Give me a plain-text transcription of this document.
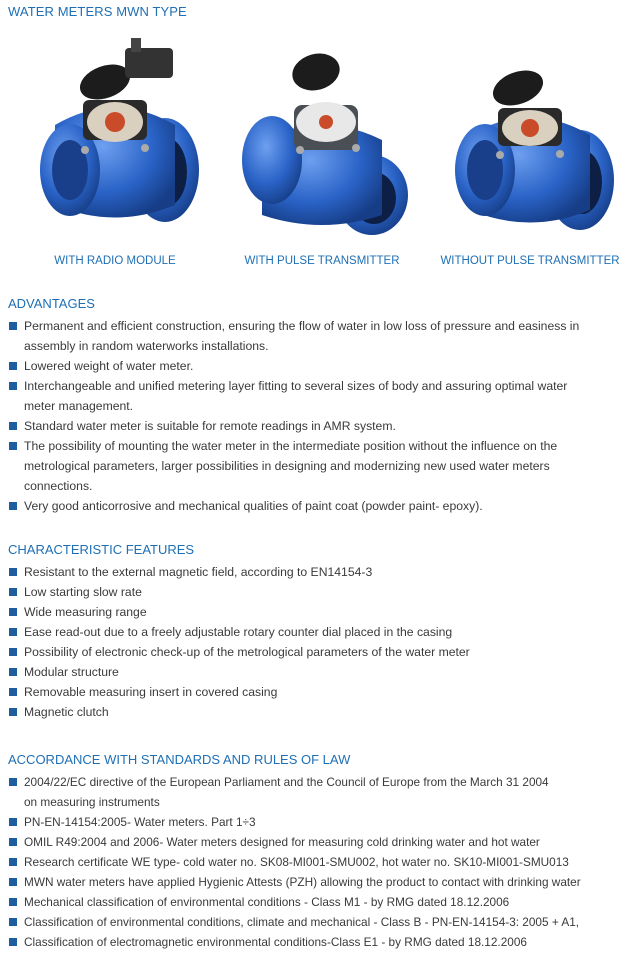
WATER METERS MWN TYPE
WITH RADIO MODULE	WITH PULSE TRANSMITTER	WITHOUT PULSE TRANSMITTER
ADVANTAGES
Permanent and efficient construction, ensuring the flow of water in low loss of pressure and easiness in
assembly in random waterworks installations.
Lowered weight of water meter.
Interchangeable and unified metering layer fitting to several sizes of body and assuring optimal water
meter management.
Standard water meter is suitable for remote readings in AMR system.
The possibility of mounting the water meter in the intermediate position without the influence on the
metrological parameters, larger possibilities in designing and modernizing new used water meters
connections.
Very good anticorrosive and mechanical qualities of paint coat (powder paint- epoxy).
CHARACTERISTIC FEATURES
Resistant to the external magnetic field, according to EN14154-3
Low starting slow rate
Wide measuring range
Ease read-out due to a freely adjustable rotary counter dial placed in the casing
Possibility of electronic check-up of the metrological parameters of the water meter
Modular structure
Removable measuring insert in covered casing
Magnetic clutch
ACCORDANCE WITH STANDARDS AND RULES OF LAW
2004/22/EC directive of the European Parliament and the Council of Europe from the March 31 2004
on measuring instruments
PN-EN-14154:2005- Water meters. Part 1÷3
OMIL R49:2004 and 2006- Water meters designed for measuring cold drinking water and hot water
Research certificate WE type- cold water no. SK08-MI001-SMU002, hot water no. SK10-MI001-SMU013
MWN water meters have applied Hygienic Attests (PZH) allowing the product to contact with drinking water
Mechanical classification of environmental conditions - Class M1 - by RMG dated 18.12.2006
Classification of environmental conditions, climate and mechanical - Class B - PN-EN-14154-3: 2005 + A1,
Classification of electromagnetic environmental conditions-Class E1 - by RMG dated 18.12.2006
